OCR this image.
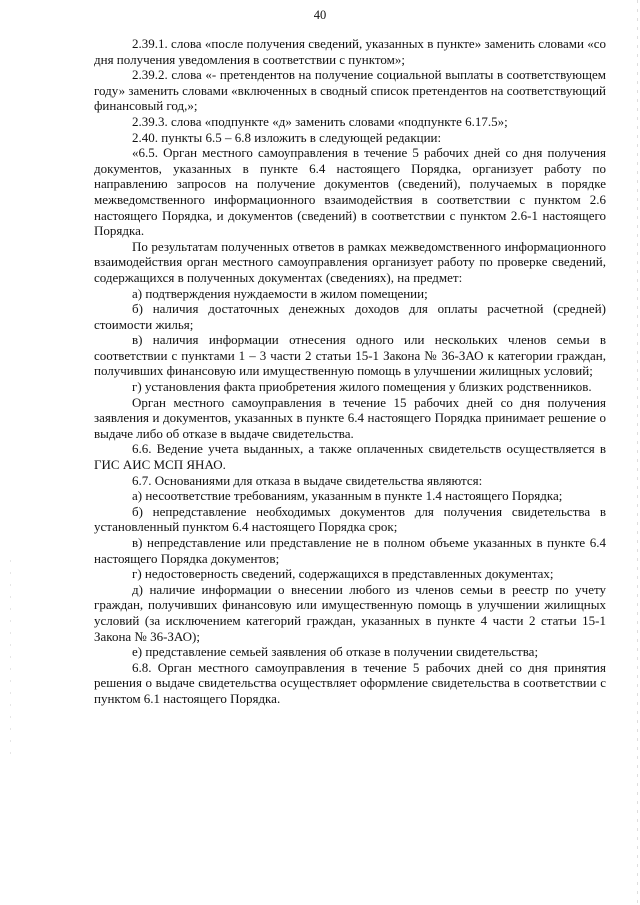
40

2.39.1. слова «после получения сведений, указанных в пункте» заменить словами «со дня получения уведомления в соответствии с пунктом»;

2.39.2. слова «- претендентов на получение социальной выплаты в соответствующем году» заменить словами «включенных в сводный список претендентов на соответствующий финансовый год,»;

2.39.3. слова «подпункте «д» заменить словами «подпункте 6.17.5»;

2.40. пункты 6.5 – 6.8 изложить в следующей редакции:

«6.5. Орган местного самоуправления в течение 5 рабочих дней со дня получения документов, указанных в пункте 6.4 настоящего Порядка, организует работу по направлению запросов на получение документов (сведений), получаемых в порядке межведомственного информационного взаимодействия в соответствии с пунктом 2.6 настоящего Порядка, и документов (сведений) в соответствии с пунктом 2.6-1 настоящего Порядка.

По результатам полученных ответов в рамках межведомственного информационного взаимодействия орган местного самоуправления организует работу по проверке сведений, содержащихся в полученных документах (сведениях), на предмет:

а) подтверждения нуждаемости в жилом помещении;

б) наличия достаточных денежных доходов для оплаты расчетной (средней) стоимости жилья;

в) наличия информации отнесения одного или нескольких членов семьи в соответствии с пунктами 1 – 3 части 2 статьи 15-1 Закона № 36-ЗАО к категории граждан, получивших финансовую или имущественную помощь в улучшении жилищных условий;

г) установления факта приобретения жилого помещения у близких родственников.

Орган местного самоуправления в течение 15 рабочих дней со дня получения заявления и документов, указанных в пункте 6.4 настоящего Порядка принимает решение о выдаче либо об отказе в выдаче свидетельства.

6.6. Ведение учета выданных, а также оплаченных свидетельств осуществляется в ГИС АИС МСП ЯНАО.

6.7. Основаниями для отказа в выдаче свидетельства являются:

а) несоответствие требованиям, указанным в пункте 1.4 настоящего Порядка;

б) непредставление необходимых документов для получения свидетельства в установленный пунктом 6.4 настоящего Порядка срок;

в) непредставление или представление не в полном объеме указанных в пункте 6.4 настоящего Порядка документов;

г) недостоверность сведений, содержащихся в представленных документах;

д) наличие информации о внесении любого из членов семьи в реестр по учету граждан, получивших финансовую или имущественную помощь в улучшении жилищных условий (за исключением категорий граждан, указанных в пункте 4 части 2 статьи 15-1 Закона № 36-ЗАО);

е) представление семьей заявления об отказе в получении свидетельства;

6.8. Орган местного самоуправления в течение 5 рабочих дней со дня принятия решения о выдаче свидетельства осуществляет оформление свидетельства в соответствии с пунктом 6.1 настоящего Порядка.
